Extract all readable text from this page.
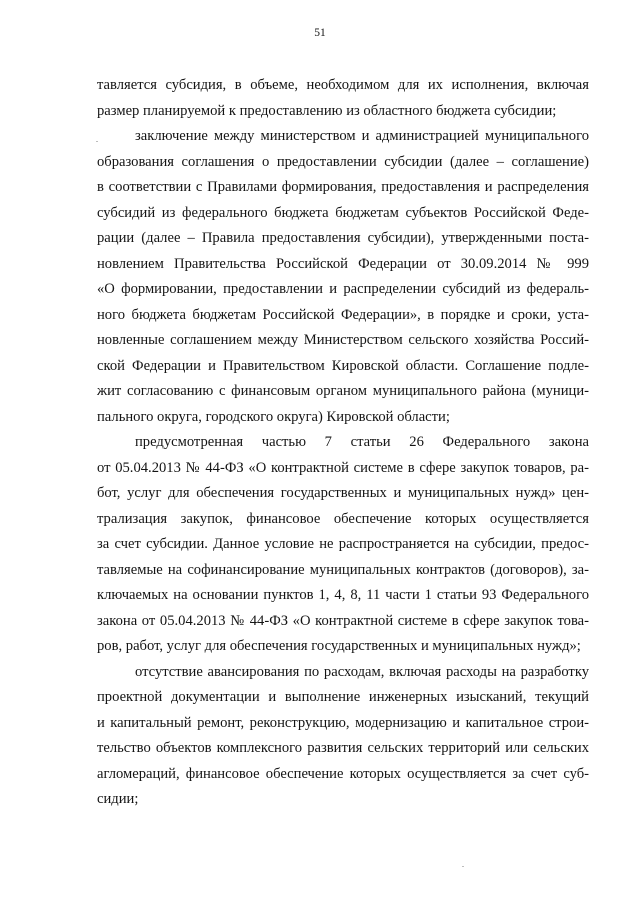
51
тавляется субсидия, в объеме, необходимом для их исполнения, включая
размер планируемой к предоставлению из областного бюджета субсидии;
заключение между министерством и администрацией муниципального
образования соглашения о предоставлении субсидии (далее – соглашение)
в соответствии с Правилами формирования, предоставления и распределения
субсидий из федерального бюджета бюджетам субъектов Российской Феде-
рации (далее – Правила предоставления субсидии), утвержденными поста-
новлением Правительства Российской Федерации от 30.09.2014 № 999
«О формировании, предоставлении и распределении субсидий из федераль-
ного бюджета бюджетам Российской Федерации», в порядке и сроки, уста-
новленные соглашением между Министерством сельского хозяйства Россий-
ской Федерации и Правительством Кировской области. Соглашение подле-
жит согласованию с финансовым органом муниципального района (муници-
пального округа, городского округа) Кировской области;
предусмотренная частью 7 статьи 26 Федерального закона
от 05.04.2013 № 44-ФЗ «О контрактной системе в сфере закупок товаров, ра-
бот, услуг для обеспечения государственных и муниципальных нужд» цен-
трализация закупок, финансовое обеспечение которых осуществляется
за счет субсидии. Данное условие не распространяется на субсидии, предос-
тавляемые на софинансирование муниципальных контрактов (договоров), за-
ключаемых на основании пунктов 1, 4, 8, 11 части 1 статьи 93 Федерального
закона от 05.04.2013 № 44-ФЗ «О контрактной системе в сфере закупок това-
ров, работ, услуг для обеспечения государственных и муниципальных нужд»;
отсутствие авансирования по расходам, включая расходы на разработку
проектной документации и выполнение инженерных изысканий, текущий
и капитальный ремонт, реконструкцию, модернизацию и капитальное строи-
тельство объектов комплексного развития сельских территорий или сельских
агломераций, финансовое обеспечение которых осуществляется за счет суб-
сидии;
